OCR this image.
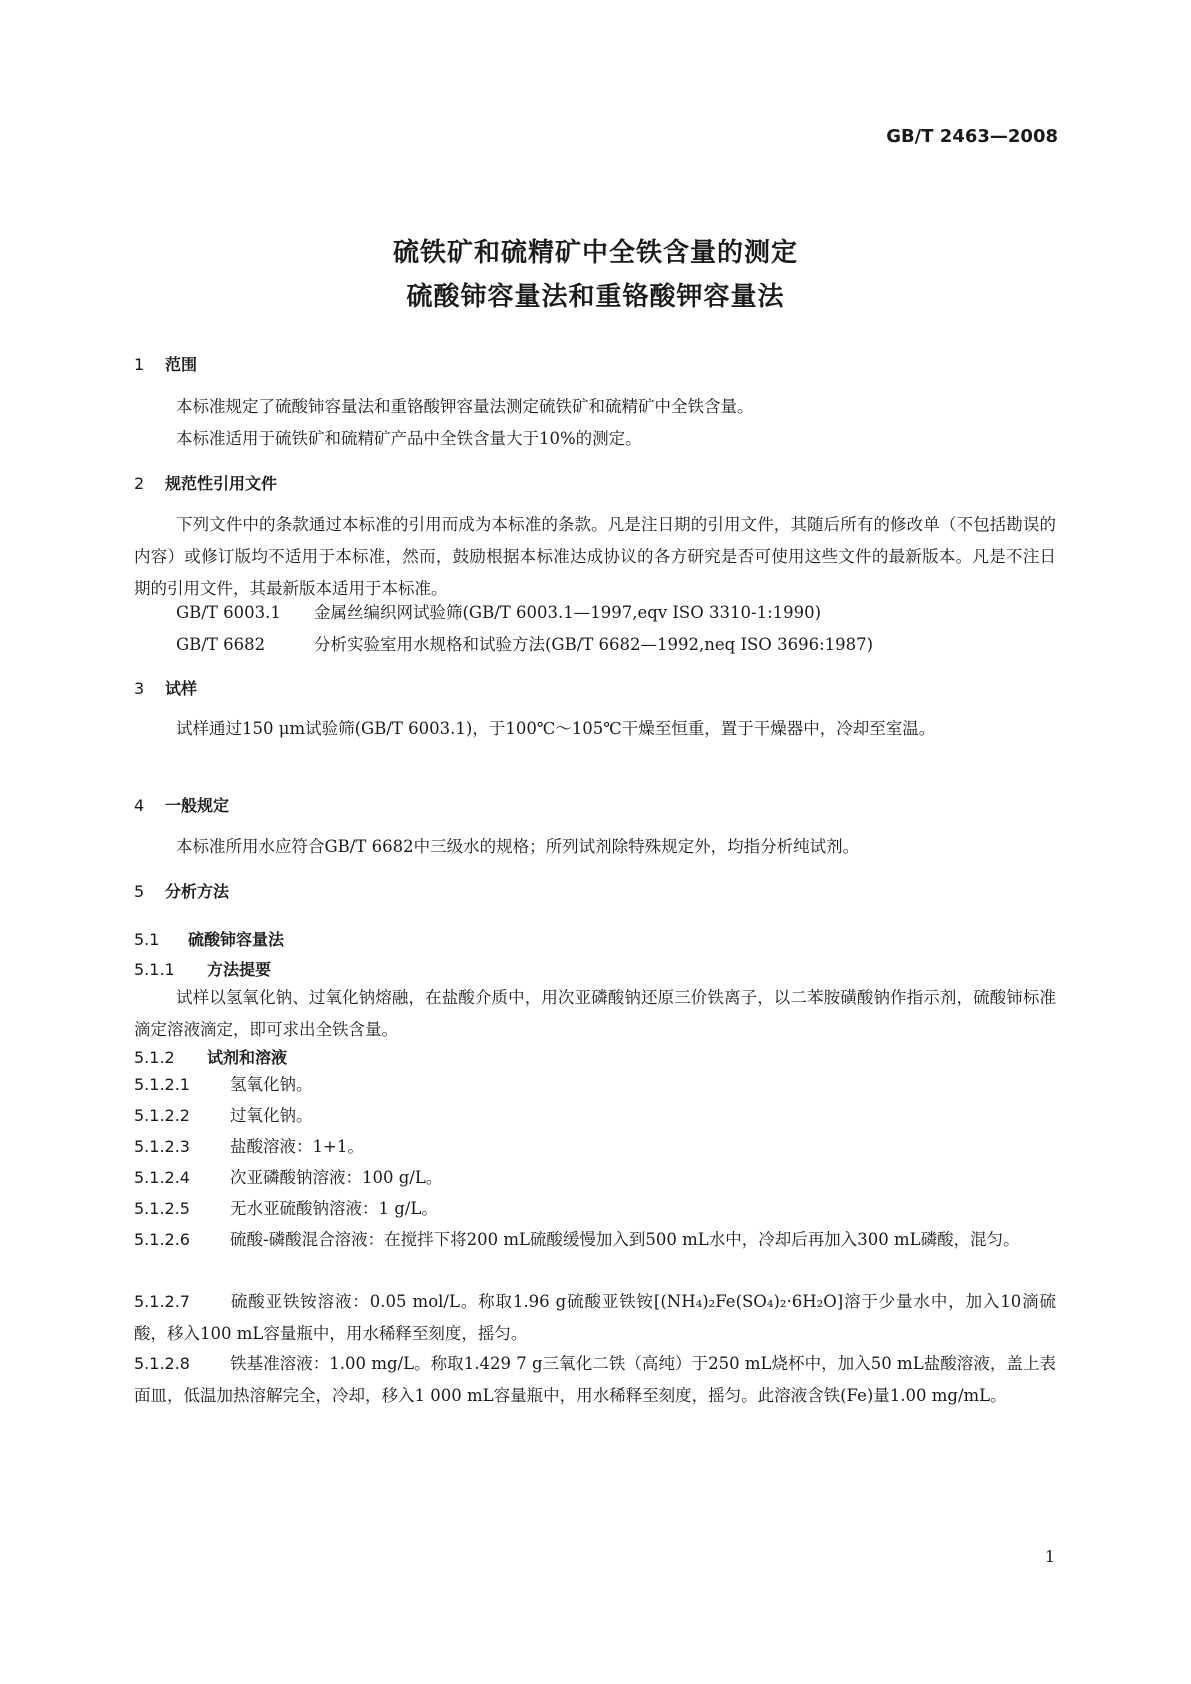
GB/T 2463—2008
硫铁矿和硫精矿中全铁含量的测定
硫酸铈容量法和重铬酸钾容量法
1 范围
本标准规定了硫酸铈容量法和重铬酸钾容量法测定硫铁矿和硫精矿中全铁含量。
本标准适用于硫铁矿和硫精矿产品中全铁含量大于10%的测定。
2 规范性引用文件
下列文件中的条款通过本标准的引用而成为本标准的条款。凡是注日期的引用文件，其随后所有的修改单（不包括勘误的内容）或修订版均不适用于本标准，然而，鼓励根据本标准达成协议的各方研究是否可使用这些文件的最新版本。凡是不注日期的引用文件，其最新版本适用于本标准。
GB/T 6003.1 金属丝编织网试验筛(GB/T 6003.1—1997,eqv ISO 3310-1:1990)
GB/T 6682	分析实验室用水规格和试验方法(GB/T 6682—1992,neq ISO 3696:1987)
3 试样
试样通过150 μm试验筛(GB/T 6003.1)，于100℃～105℃干燥至恒重，置于干燥器中，冷却至室温。
4 一般规定
本标准所用水应符合GB/T 6682中三级水的规格；所列试剂除特殊规定外，均指分析纯试剂。
5 分析方法
5.1 硫酸铈容量法
5.1.1 方法提要
试样以氢氧化钠、过氧化钠熔融，在盐酸介质中，用次亚磷酸钠还原三价铁离子，以二苯胺磺酸钠作指示剂，硫酸铈标准滴定溶液滴定，即可求出全铁含量。
5.1.2 试剂和溶液
5.1.2.1 氢氧化钠。
5.1.2.2 过氧化钠。
5.1.2.3 盐酸溶液：1+1。
5.1.2.4 次亚磷酸钠溶液：100 g/L。
5.1.2.5 无水亚硫酸钠溶液：1 g/L。
5.1.2.6 硫酸-磷酸混合溶液：在搅拌下将200 mL硫酸缓慢加入到500 mL水中，冷却后再加入300 mL磷酸，混匀。
5.1.2.7 硫酸亚铁铵溶液：0.05 mol/L。称取1.96 g硫酸亚铁铵[(NH₄)₂Fe(SO₄)₂·6H₂O]溶于少量水中，加入10滴硫酸，移入100 mL容量瓶中，用水稀释至刻度，摇匀。
5.1.2.8 铁基准溶液：1.00 mg/L。称取1.429 7 g三氧化二铁（高纯）于250 mL烧杯中，加入50 mL盐酸溶液，盖上表面皿，低温加热溶解完全，冷却，移入1 000 mL容量瓶中，用水稀释至刻度，摇匀。此溶液含铁(Fe)量1.00 mg/mL。
1
